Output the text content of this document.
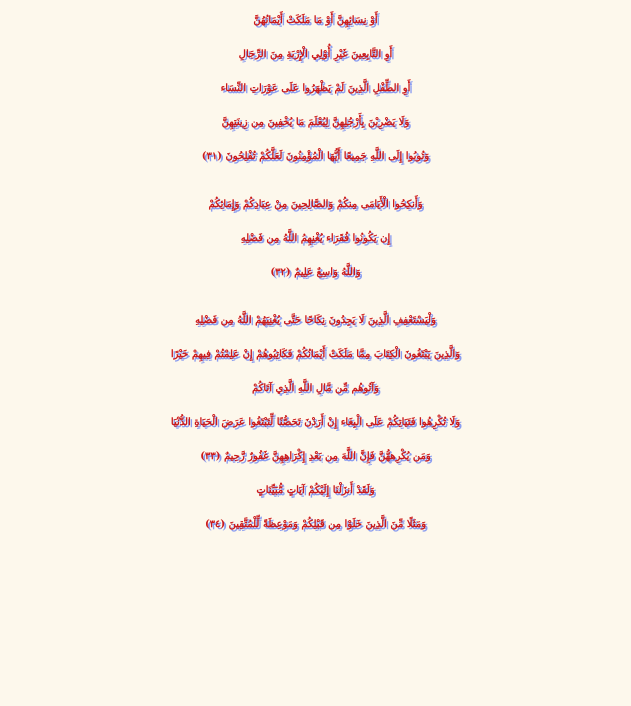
أَوْ نِسَائِهِنَّ أَوْ مَا مَلَكَتْ أَيْمَانُهُنَّ
أَوِ التَّابِعِينَ غَيْرِ أُوْلِي الْإِرْبَةِ مِنَ الرِّجَالِ
أَوِ الطِّفْلِ الَّذِينَ لَمْ يَظْهَرُوا عَلَى عَوْرَاتِ النِّسَاء
وَلَا يَضْرِبْنَ بِأَرْجُلِهِنَّ لِيُعْلَمَ مَا يُخْفِينَ مِن زِينَتِهِنَّ
وَتُوبُوا إِلَى اللَّهِ جَمِيعًا أَيُّهَا الْمُؤْمِنُونَ لَعَلَّكُمْ تُفْلِحُونَ (٣١)
وَأَنكِحُوا الْأَيَامَى مِنكُمْ وَالصَّالِحِينَ مِنْ عِبَادِكُمْ وَإِمَائِكُمْ
إِن يَكُونُوا فُقَرَاء يُغْنِهِمُ اللَّهُ مِن فَضْلِهِ
وَاللَّهُ وَاسِعٌ عَلِيمٌ (٣٢)
وَلْيَسْتَعْفِفِ الَّذِينَ لَا يَجِدُونَ نِكَاحًا حَتَّى يُغْنِيَهُمْ اللَّهُ مِن فَضْلِهِ
وَالَّذِينَ يَبْتَغُونَ الْكِتَابَ مِمَّا مَلَكَتْ أَيْمَانُكُمْ فَكَاتِبُوهُمْ إِنْ عَلِمْتُمْ فِيهِمْ خَيْرًا
وَآتُوهُم مِّن مَّالِ اللَّهِ الَّذِي آتَاكُمْ
وَلَا تُكْرِهُوا فَتَيَاتِكُمْ عَلَى الْبِغَاء إِنْ أَرَدْنَ تَحَصُّنًا لِّتَبْتَغُوا عَرَضَ الْحَيَاةِ الدُّنْيَا
وَمَن يُكْرِههُّنَّ فَإِنَّ اللَّهَ مِن بَعْدِ إِكْرَاهِهِنَّ غَفُورٌ رَّحِيمٌ (٣٣)
وَلَقَدْ أَنزَلْنَا إِلَيْكُمْ آيَاتٍ مُّبَيِّنَاتٍ
وَمَثَلًا مِّنَ الَّذِينَ خَلَوْا مِن قَبْلِكُمْ وَمَوْعِظَةً لِّلْمُتَّقِينَ (٣٤)
